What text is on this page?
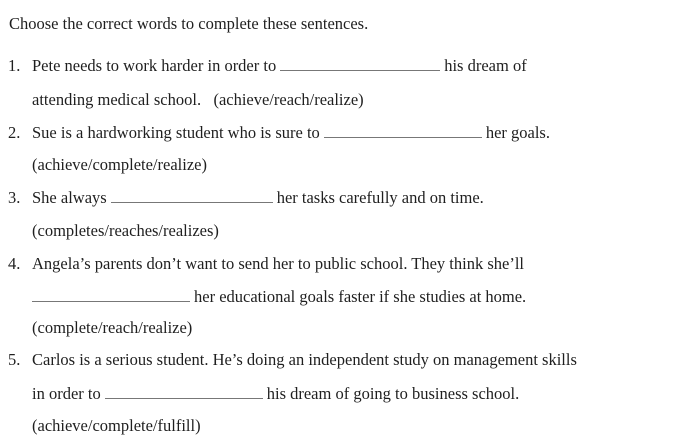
Choose the correct words to complete these sentences.
1. Pete needs to work harder in order to	his dream of
attending medical school. (achieve/reach/realize)
2. Sue is a hardworking student who is sure to	her goals.
(achieve/complete/realize)
3. She always	her tasks carefully and on time.
(completes/reaches/realizes)
4. Angela’s parents don’t want to send her to public school. They think she’ll
her educational goals faster if she studies at home.
(complete/reach/realize)
5. Carlos is a serious student. He’s doing an independent study on management skills
in order to	his dream of going to business school.
(achieve/complete/fulfill)
